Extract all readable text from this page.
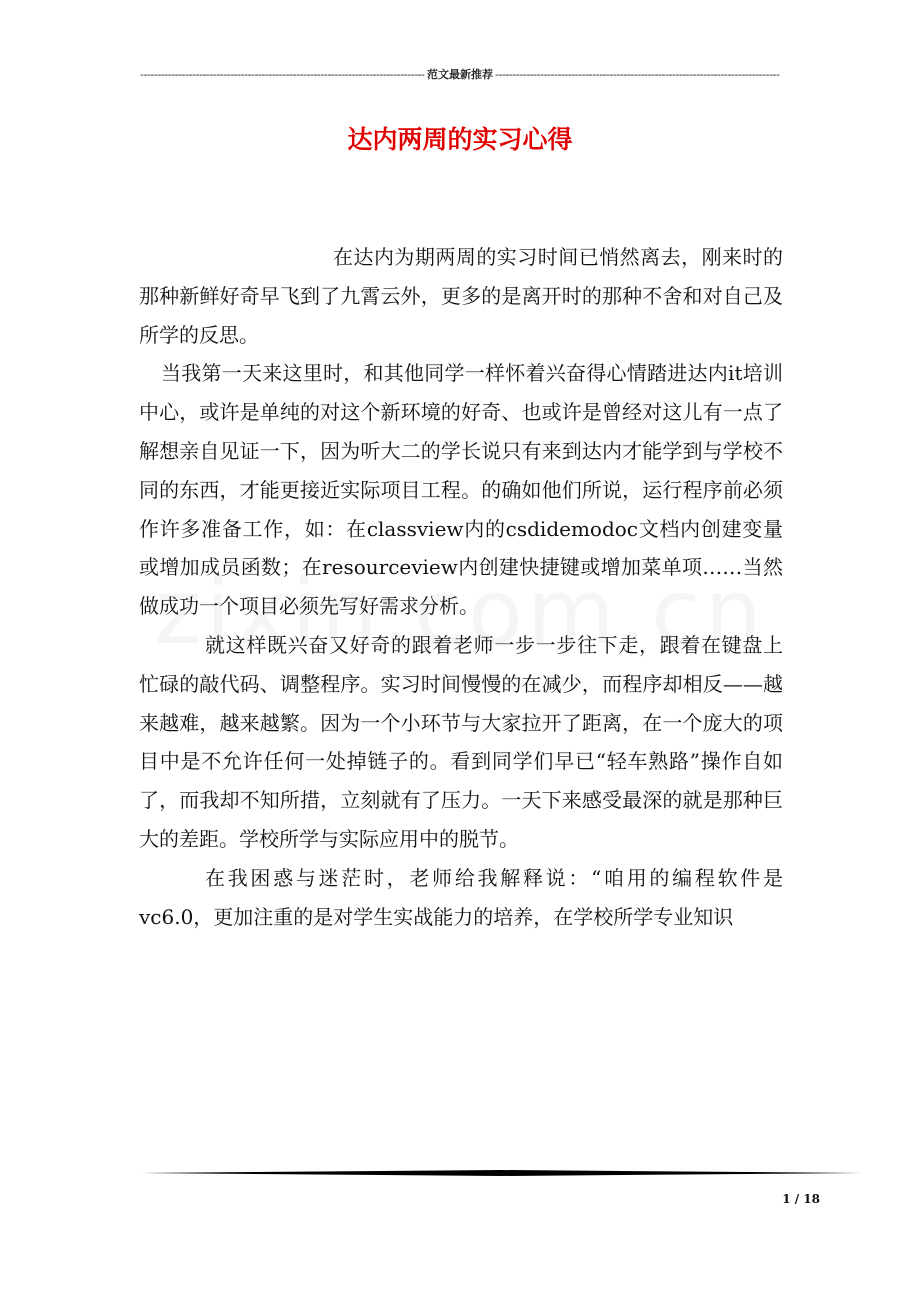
-----
范文最新推荐
-----
达内两周的实习心得

在达内为期两周的实习时间已悄然离去，刚来时的那种新鲜好奇早飞到了九霄云外，更多的是离开时的那种不舍和对自己及所学的反思。

当我第一天来这里时，和其他同学一样怀着兴奋得心情踏进达内it培训中心，或许是单纯的对这个新环境的好奇、也或许是曾经对这儿有一点了解想亲自见证一下，因为听大二的学长说只有来到达内才能学到与学校不同的东西，才能更接近实际项目工程。的确如他们所说，运行程序前必须作许多准备工作，如：在classview内的csdidemodoc文档内创建变量或增加成员函数；在resourceview内创建快捷键或增加菜单项……当然做成功一个项目必须先写好需求分析。

就这样既兴奋又好奇的跟着老师一步一步往下走，跟着在键盘上忙碌的敲代码、调整程序。实习时间慢慢的在减少，而程序却相反——越来越难，越来越繁。因为一个小环节与大家拉开了距离，在一个庞大的项目中是不允许任何一处掉链子的。看到同学们早已“轻车熟路”操作自如了，而我却不知所措，立刻就有了压力。一天下来感受最深的就是那种巨大的差距。学校所学与实际应用中的脱节。

在我困惑与迷茫时，老师给我解释说：“咱用的编程软件是vc6.0，更加注重的是对学生实战能力的培养，在学校所学专业知识

1 / 18
